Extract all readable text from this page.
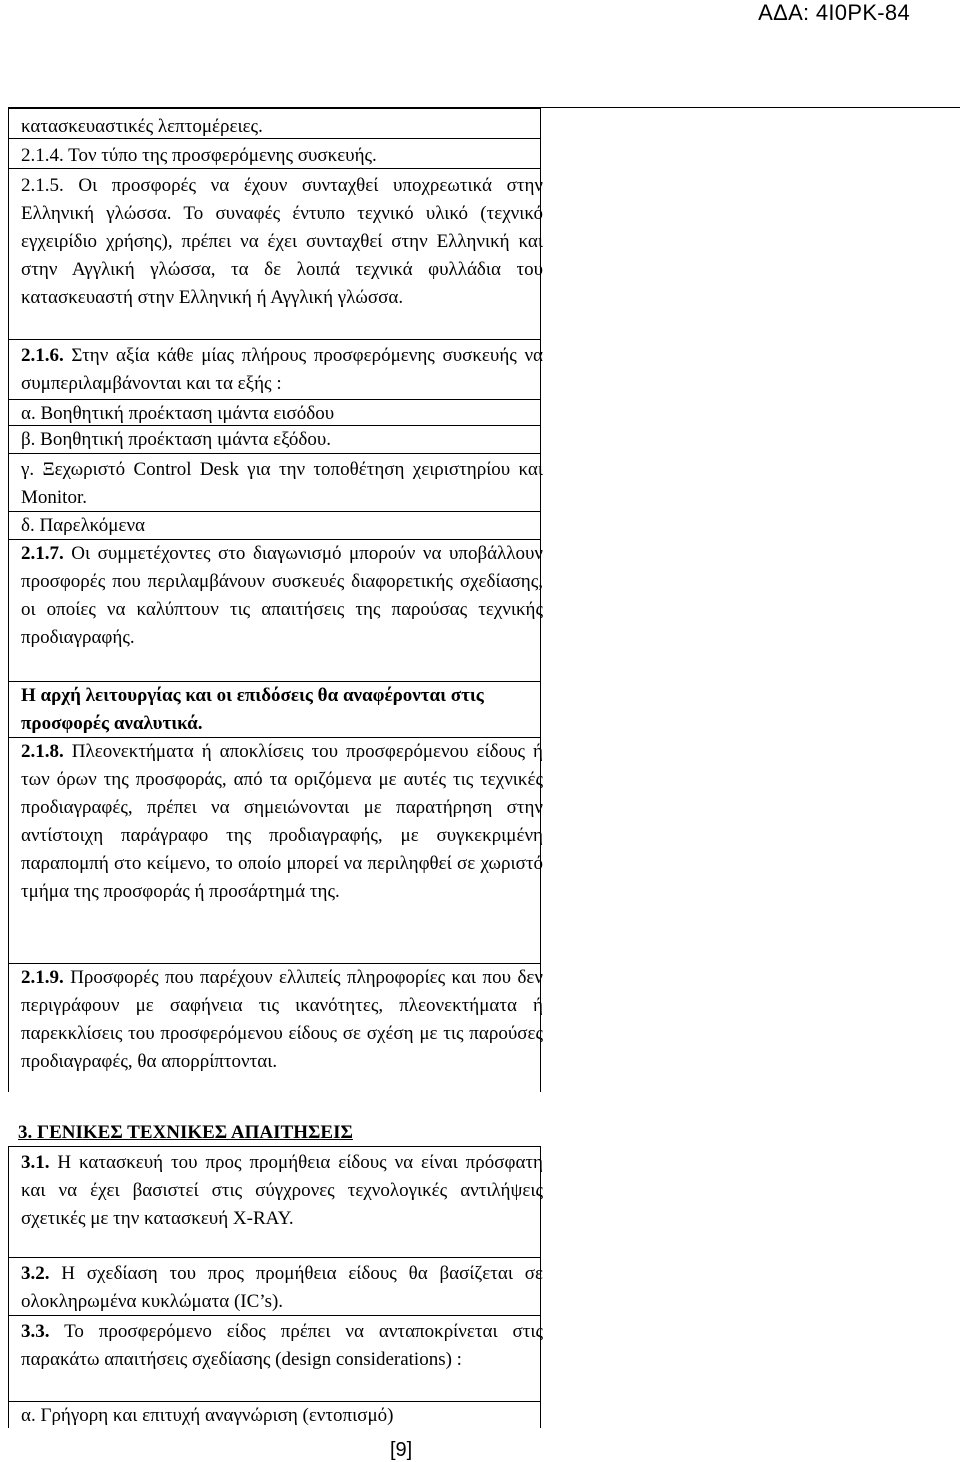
ΑΔΑ: 4Ι0ΡΚ-84
κατασκευαστικές λεπτομέρειες.
2.1.4. Τον τύπο της προσφερόμενης συσκευής.
2.1.5. Οι προσφορές να έχουν συνταχθεί υποχρεωτικά στην Ελληνική γλώσσα. Το συναφές έντυπο τεχνικό υλικό (τεχνικό εγχειρίδιο χρήσης), πρέπει να έχει συνταχθεί στην Ελληνική και στην Αγγλική γλώσσα, τα δε λοιπά τεχνικά φυλλάδια του κατασκευαστή στην Ελληνική ή Αγγλική γλώσσα.
2.1.6. Στην αξία κάθε μίας πλήρους προσφερόμενης συσκευής να συμπεριλαμβάνονται και τα εξής :
α. Βοηθητική προέκταση ιμάντα εισόδου
β. Βοηθητική προέκταση ιμάντα εξόδου.
γ. Ξεχωριστό Control Desk για την τοποθέτηση χειριστηρίου και Monitor.
δ. Παρελκόμενα
2.1.7. Οι συμμετέχοντες στο διαγωνισμό μπορούν να υποβάλλουν προσφορές που περιλαμβάνουν συσκευές διαφορετικής σχεδίασης, οι οποίες να καλύπτουν τις απαιτήσεις της παρούσας τεχνικής προδιαγραφής.
Η αρχή λειτουργίας και οι επιδόσεις θα αναφέρονται στις προσφορές αναλυτικά.
2.1.8. Πλεονεκτήματα ή αποκλίσεις του προσφερόμενου είδους ή των όρων της προσφοράς, από τα οριζόμενα με αυτές τις τεχνικές προδιαγραφές, πρέπει να σημειώνονται με παρατήρηση στην αντίστοιχη παράγραφο της προδιαγραφής, με συγκεκριμένη παραπομπή στο κείμενο, το οποίο μπορεί να περιληφθεί σε χωριστό τμήμα της προσφοράς ή προσάρτημά της.
2.1.9. Προσφορές που παρέχουν ελλιπείς πληροφορίες και που δεν περιγράφουν με σαφήνεια τις ικανότητες, πλεονεκτήματα ή παρεκκλίσεις του προσφερόμενου είδους σε σχέση με τις παρούσες προδιαγραφές, θα απορρίπτονται.
3. ΓΕΝΙΚΕΣ ΤΕΧΝΙΚΕΣ ΑΠΑΙΤΗΣΕΙΣ
3.1. Η κατασκευή του προς προμήθεια είδους να είναι πρόσφατη και να έχει βασιστεί στις σύγχρονες τεχνολογικές αντιλήψεις σχετικές με την κατασκευή X-RAY.
3.2. Η σχεδίαση του προς προμήθεια είδους θα βασίζεται σε ολοκληρωμένα κυκλώματα (IC’s).
3.3. Το προσφερόμενο είδος πρέπει να ανταποκρίνεται στις παρακάτω απαιτήσεις σχεδίασης (design considerations) :
α. Γρήγορη και επιτυχή αναγνώριση (εντοπισμό)
[9]
